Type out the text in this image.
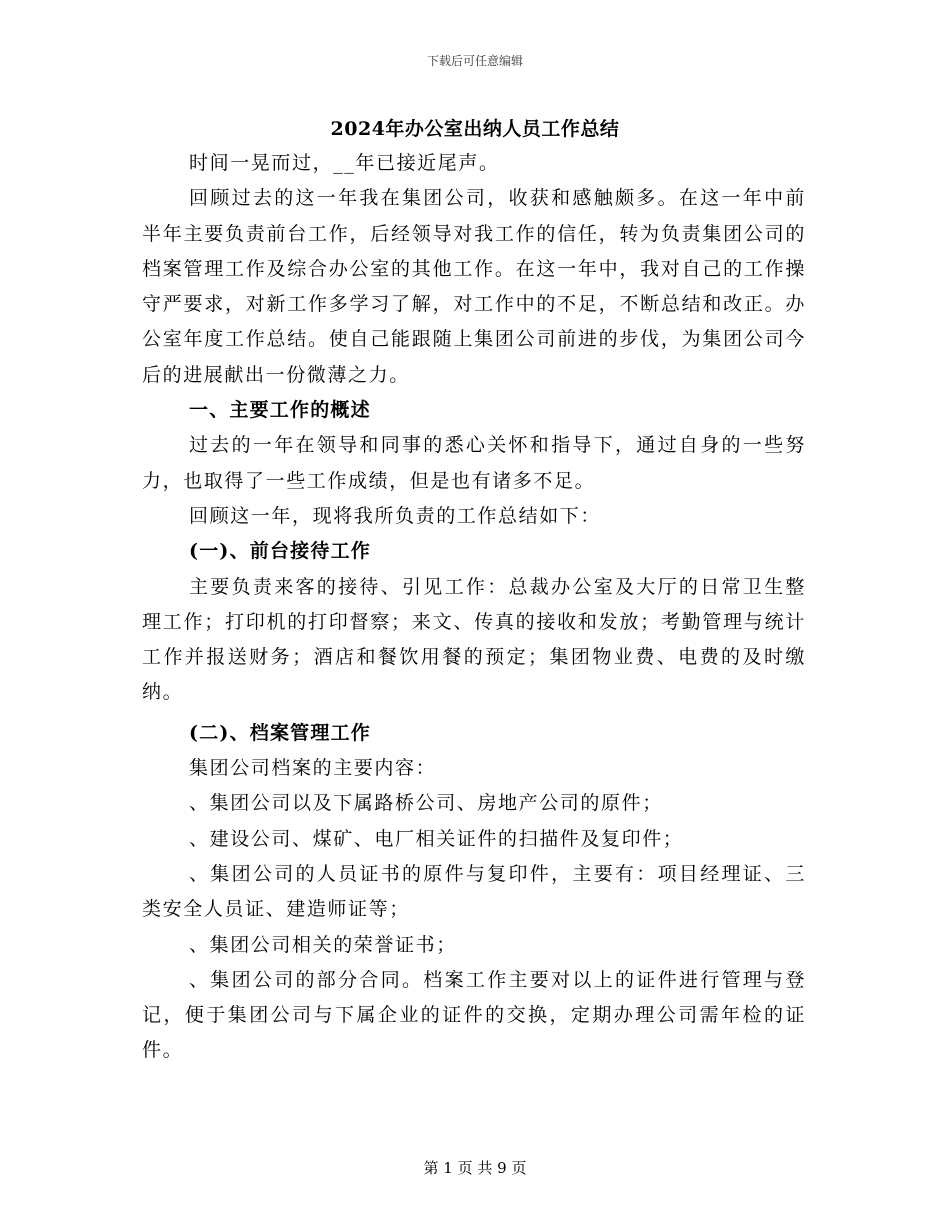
下载后可任意编辑
2024年办公室出纳人员工作总结

时间一晃而过，__年已接近尾声。

回顾过去的这一年我在集团公司，收获和感触颇多。在这一年中前半年主要负责前台工作，后经领导对我工作的信任，转为负责集团公司的档案管理工作及综合办公室的其他工作。在这一年中，我对自己的工作操守严要求，对新工作多学习了解，对工作中的不足，不断总结和改正。办公室年度工作总结。使自己能跟随上集团公司前进的步伐，为集团公司今后的进展献出一份微薄之力。

一、主要工作的概述

过去的一年在领导和同事的悉心关怀和指导下，通过自身的一些努力，也取得了一些工作成绩，但是也有诸多不足。

回顾这一年，现将我所负责的工作总结如下：

(一)、前台接待工作

主要负责来客的接待、引见工作：总裁办公室及大厅的日常卫生整理工作；打印机的打印督察；来文、传真的接收和发放；考勤管理与统计工作并报送财务；酒店和餐饮用餐的预定；集团物业费、电费的及时缴纳。

(二)、档案管理工作

集团公司档案的主要内容：

、集团公司以及下属路桥公司、房地产公司的原件；

、建设公司、煤矿、电厂相关证件的扫描件及复印件；

、集团公司的人员证书的原件与复印件，主要有：项目经理证、三类安全人员证、建造师证等；

、集团公司相关的荣誉证书；

、集团公司的部分合同。档案工作主要对以上的证件进行管理与登记，便于集团公司与下属企业的证件的交换，定期办理公司需年检的证件。

第 1 页 共 9 页
